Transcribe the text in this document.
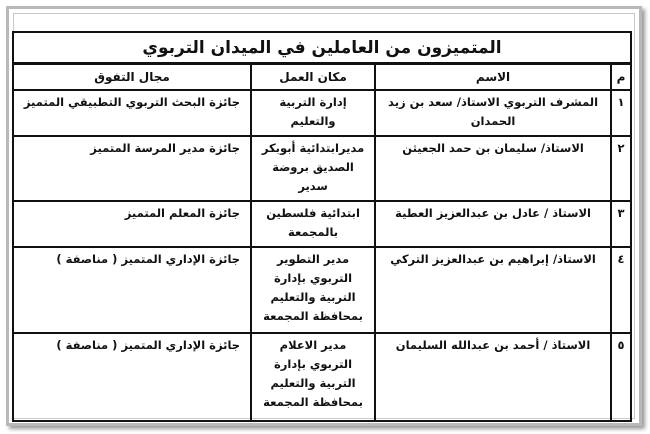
المتميزون من العاملين في الميدان التربوي			
م	الاسم	مكان العمل	مجال التفوق
١	المشرف التربوي الاستاذ/ سعد بن زيد الحمدان	إدارة التربية والتعليم	جائزة البحث التربوي التطبيقي المتميز
٢	الاستاذ/ سليمان بن حمد الجعيثن	مديرابتدائية أبوبكر الصديق بروضة سدير	جائزة مدير المرسة المتميز
٣	الاستاذ / عادل بن عبدالعزيز العطية	ابتدائية فلسطين بالمجمعة	جائزة المعلم المتميز
٤	الاستاذ/ إبراهيم بن عبدالعزيز التركي	مدير التطوير التربوي بإدارة التربية والتعليم بمحافظة المجمعة	جائزة الإداري المتميز ( مناصفة )
٥	الاستاذ / أحمد بن عبدالله السليمان	مدير الاعلام التربوي بإدارة التربية والتعليم بمحافظة المجمعة	جائزة الإداري المتميز ( مناصفة )
